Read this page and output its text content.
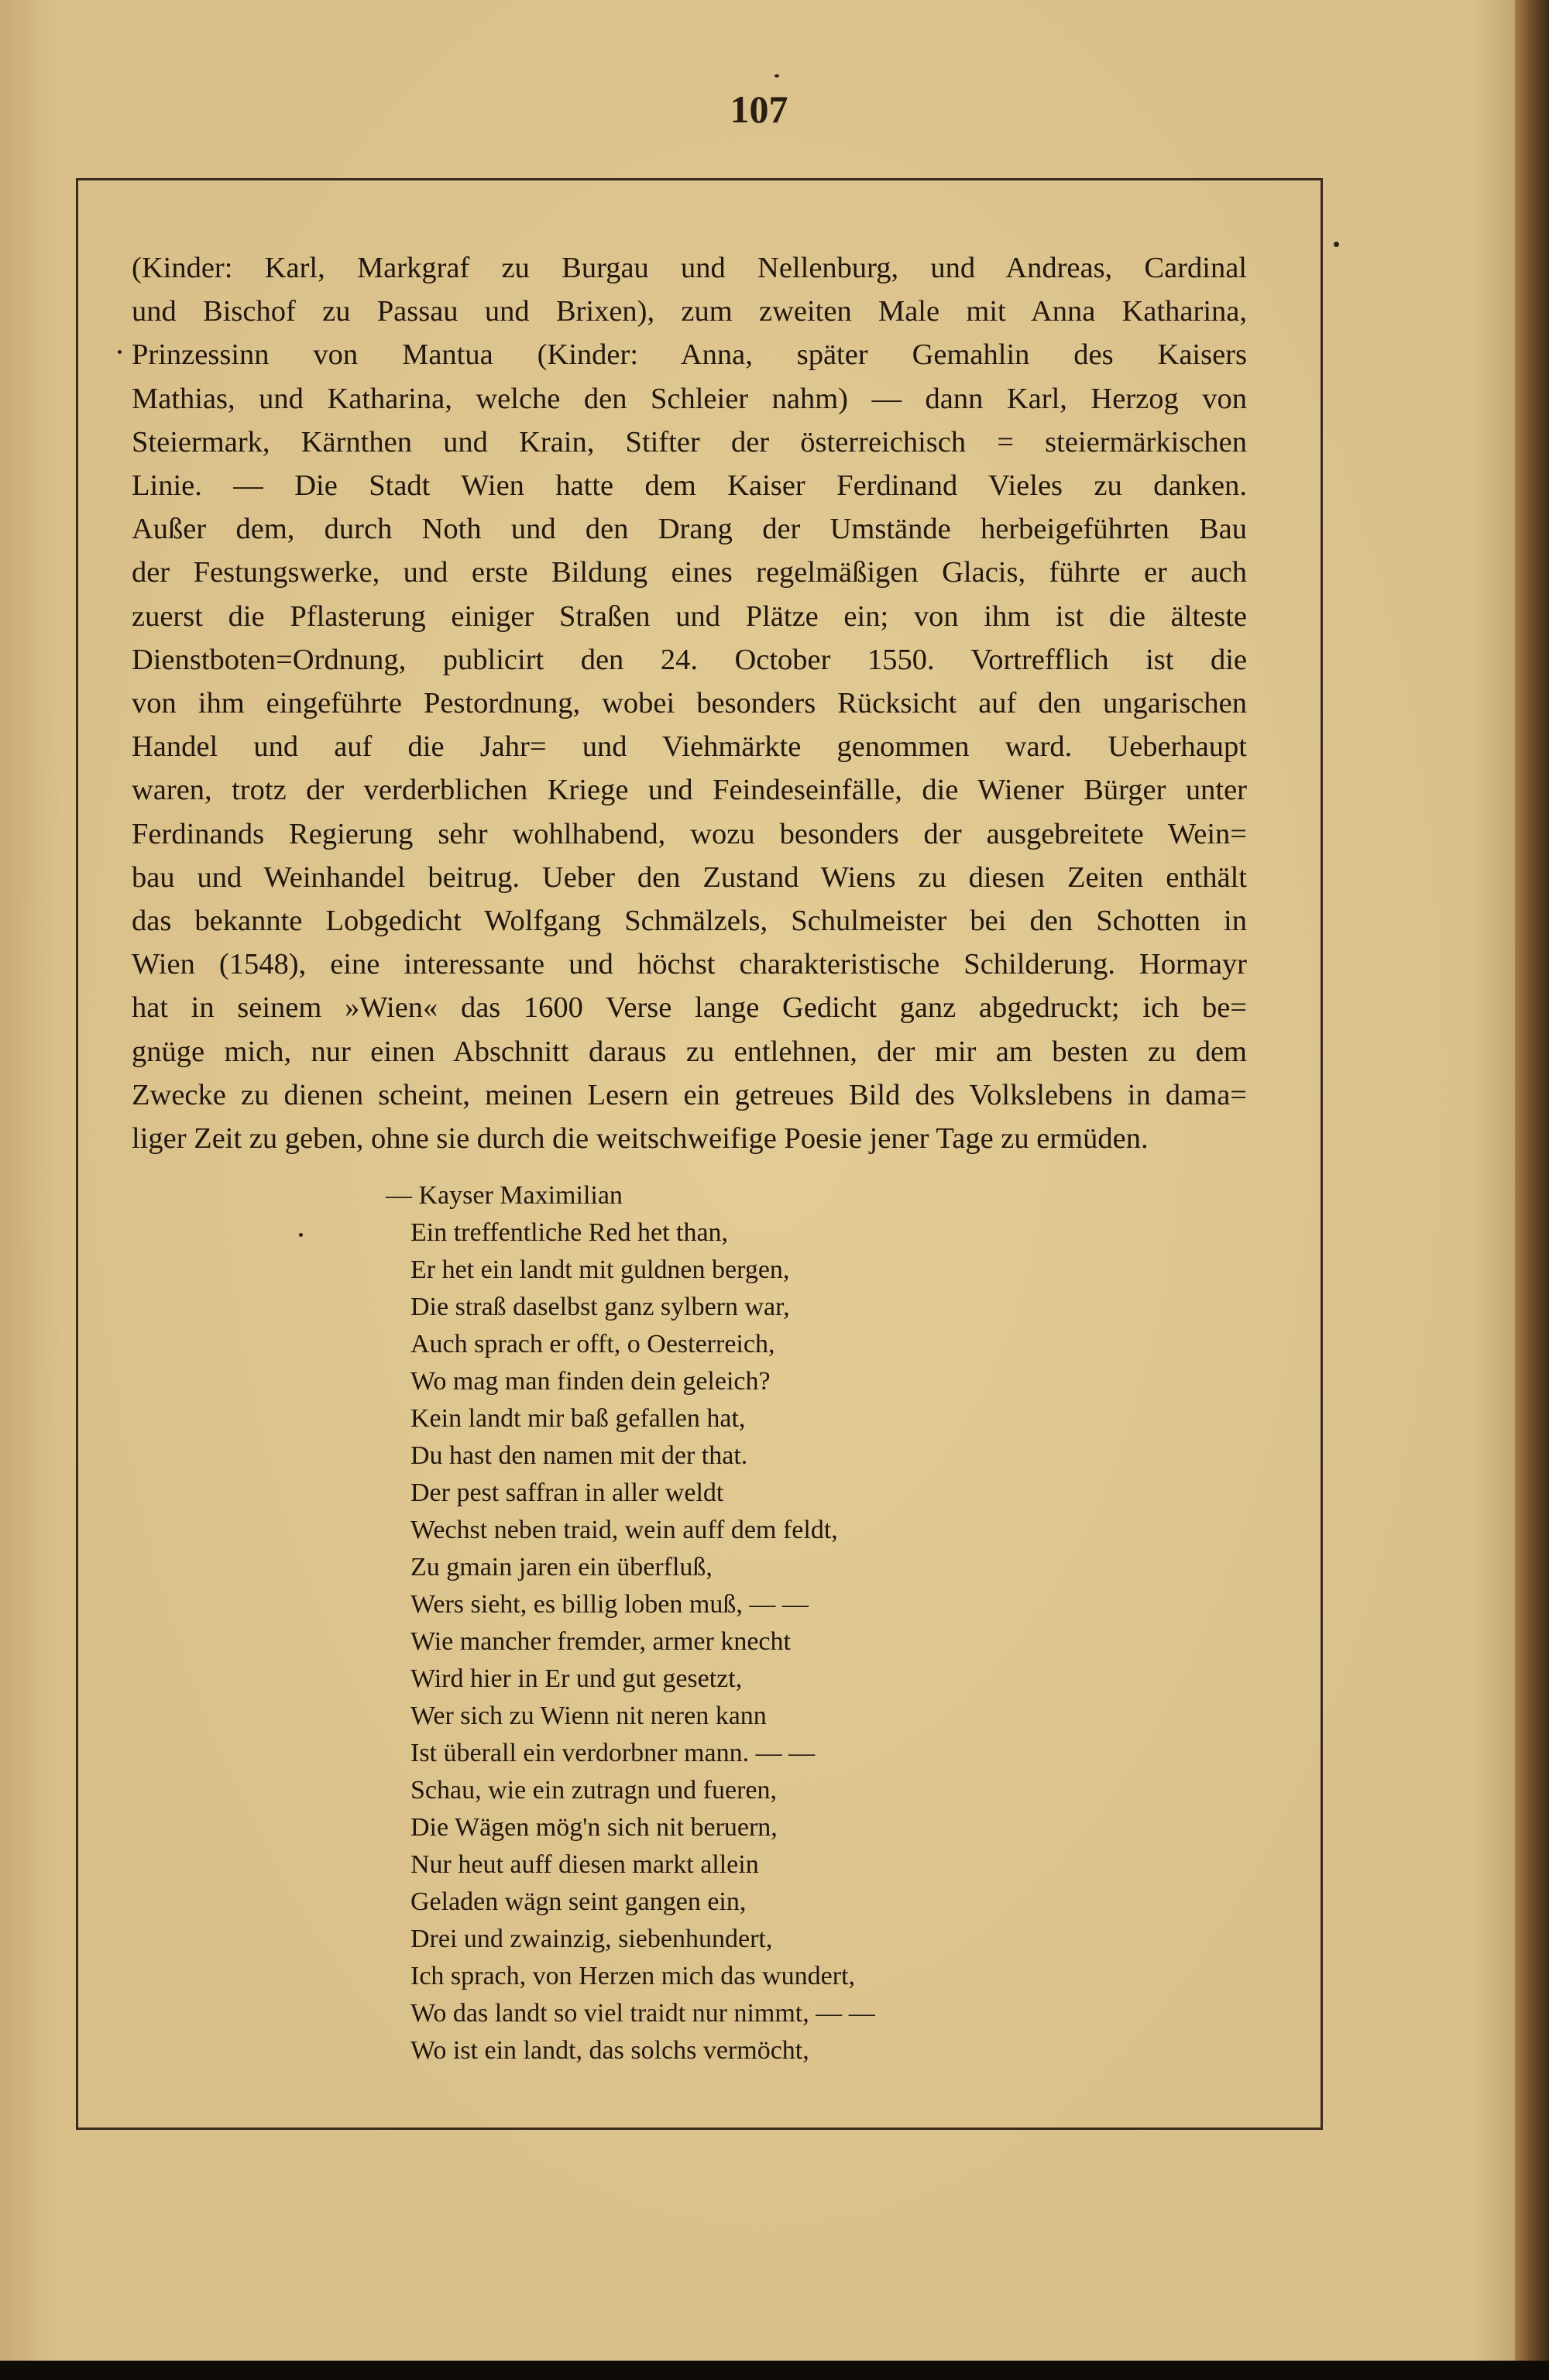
107
(Kinder: Karl, Markgraf zu Burgau und Nellenburg, und Andreas, Cardinal
und Bischof zu Passau und Brixen), zum zweiten Male mit Anna Katharina,
Prinzessinn von Mantua (Kinder: Anna, später Gemahlin des Kaisers
Mathias, und Katharina, welche den Schleier nahm) — dann Karl, Herzog von
Steiermark, Kärnthen und Krain, Stifter der österreichisch = steiermärkischen
Linie. — Die Stadt Wien hatte dem Kaiser Ferdinand Vieles zu danken.
Außer dem, durch Noth und den Drang der Umstände herbeigeführten Bau
der Festungswerke, und erste Bildung eines regelmäßigen Glacis, führte er auch
zuerst die Pflasterung einiger Straßen und Plätze ein; von ihm ist die älteste
Dienstboten=Ordnung, publicirt den 24. October 1550. Vortrefflich ist die
von ihm eingeführte Pestordnung, wobei besonders Rücksicht auf den ungarischen
Handel und auf die Jahr= und Viehmärkte genommen ward. Ueberhaupt
waren, trotz der verderblichen Kriege und Feindeseinfälle, die Wiener Bürger unter
Ferdinands Regierung sehr wohlhabend, wozu besonders der ausgebreitete Wein=
bau und Weinhandel beitrug. Ueber den Zustand Wiens zu diesen Zeiten enthält
das bekannte Lobgedicht Wolfgang Schmälzels, Schulmeister bei den Schotten in
Wien (1548), eine interessante und höchst charakteristische Schilderung. Hormayr
hat in seinem »Wien« das 1600 Verse lange Gedicht ganz abgedruckt; ich be=
gnüge mich, nur einen Abschnitt daraus zu entlehnen, der mir am besten zu dem
Zwecke zu dienen scheint, meinen Lesern ein getreues Bild des Volkslebens in dama=
liger Zeit zu geben, ohne sie durch die weitschweifige Poesie jener Tage zu ermüden.
— Kayser Maximilian
Ein treffentliche Red het than,
Er het ein landt mit guldnen bergen,
Die straß daselbst ganz sylbern war,
Auch sprach er offt, o Oesterreich,
Wo mag man finden dein geleich?
Kein landt mir baß gefallen hat,
Du hast den namen mit der that.
Der pest saffran in aller weldt
Wechst neben traid, wein auff dem feldt,
Zu gmain jaren ein überfluß,
Wers sieht, es billig loben muß, — —
Wie mancher fremder, armer knecht
Wird hier in Er und gut gesetzt,
Wer sich zu Wienn nit neren kann
Ist überall ein verdorbner mann. — —
Schau, wie ein zutragn und fueren,
Die Wägen mög'n sich nit beruern,
Nur heut auff diesen markt allein
Geladen wägn seint gangen ein,
Drei und zwainzig, siebenhundert,
Ich sprach, von Herzen mich das wundert,
Wo das landt so viel traidt nur nimmt, — —
Wo ist ein landt, das solchs vermöcht,
